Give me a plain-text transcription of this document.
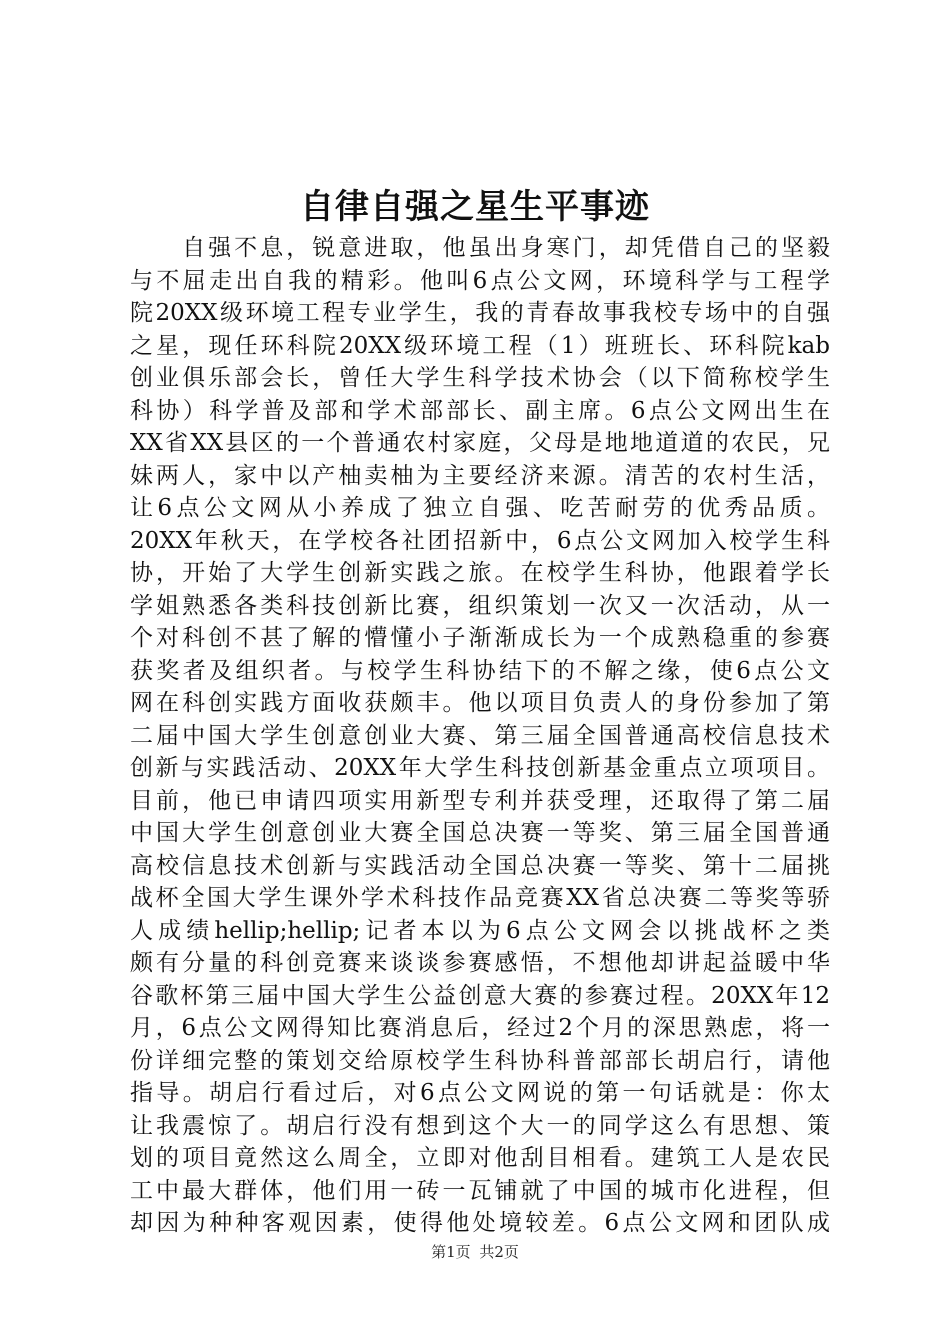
自律自强之星生平事迹
　　自强不息，锐意进取，他虽出身寒门，却凭借自己的坚毅
与不屈走出自我的精彩。他叫6点公文网，环境科学与工程学
院20XX级环境工程专业学生，我的青春故事我校专场中的自强
之星，现任环科院20XX级环境工程（1）班班长、环科院kab
创业俱乐部会长，曾任大学生科学技术协会（以下简称校学生
科协）科学普及部和学术部部长、副主席。6点公文网出生在
XX省XX县区的一个普通农村家庭，父母是地地道道的农民，兄
妹两人，家中以产柚卖柚为主要经济来源。清苦的农村生活，
让6点公文网从小养成了独立自强、吃苦耐劳的优秀品质。
20XX年秋天，在学校各社团招新中，6点公文网加入校学生科
协，开始了大学生创新实践之旅。在校学生科协，他跟着学长
学姐熟悉各类科技创新比赛，组织策划一次又一次活动，从一
个对科创不甚了解的懵懂小子渐渐成长为一个成熟稳重的参赛
获奖者及组织者。与校学生科协结下的不解之缘，使6点公文
网在科创实践方面收获颇丰。他以项目负责人的身份参加了第
二届中国大学生创意创业大赛、第三届全国普通高校信息技术
创新与实践活动、20XX年大学生科技创新基金重点立项项目。
目前，他已申请四项实用新型专利并获受理，还取得了第二届
中国大学生创意创业大赛全国总决赛一等奖、第三届全国普通
高校信息技术创新与实践活动全国总决赛一等奖、第十二届挑
战杯全国大学生课外学术科技作品竞赛XX省总决赛二等奖等骄
人成绩hellip;hellip;记者本以为6点公文网会以挑战杯之类
颇有分量的科创竞赛来谈谈参赛感悟，不想他却讲起益暖中华
谷歌杯第三届中国大学生公益创意大赛的参赛过程。20XX年12
月，6点公文网得知比赛消息后，经过2个月的深思熟虑，将一
份详细完整的策划交给原校学生科协科普部部长胡启行，请他
指导。胡启行看过后，对6点公文网说的第一句话就是：你太
让我震惊了。胡启行没有想到这个大一的同学这么有思想、策
划的项目竟然这么周全，立即对他刮目相看。建筑工人是农民
工中最大群体，他们用一砖一瓦铺就了中国的城市化进程，但
却因为种种客观因素，使得他处境较差。6点公文网和团队成
第1页 共2页
